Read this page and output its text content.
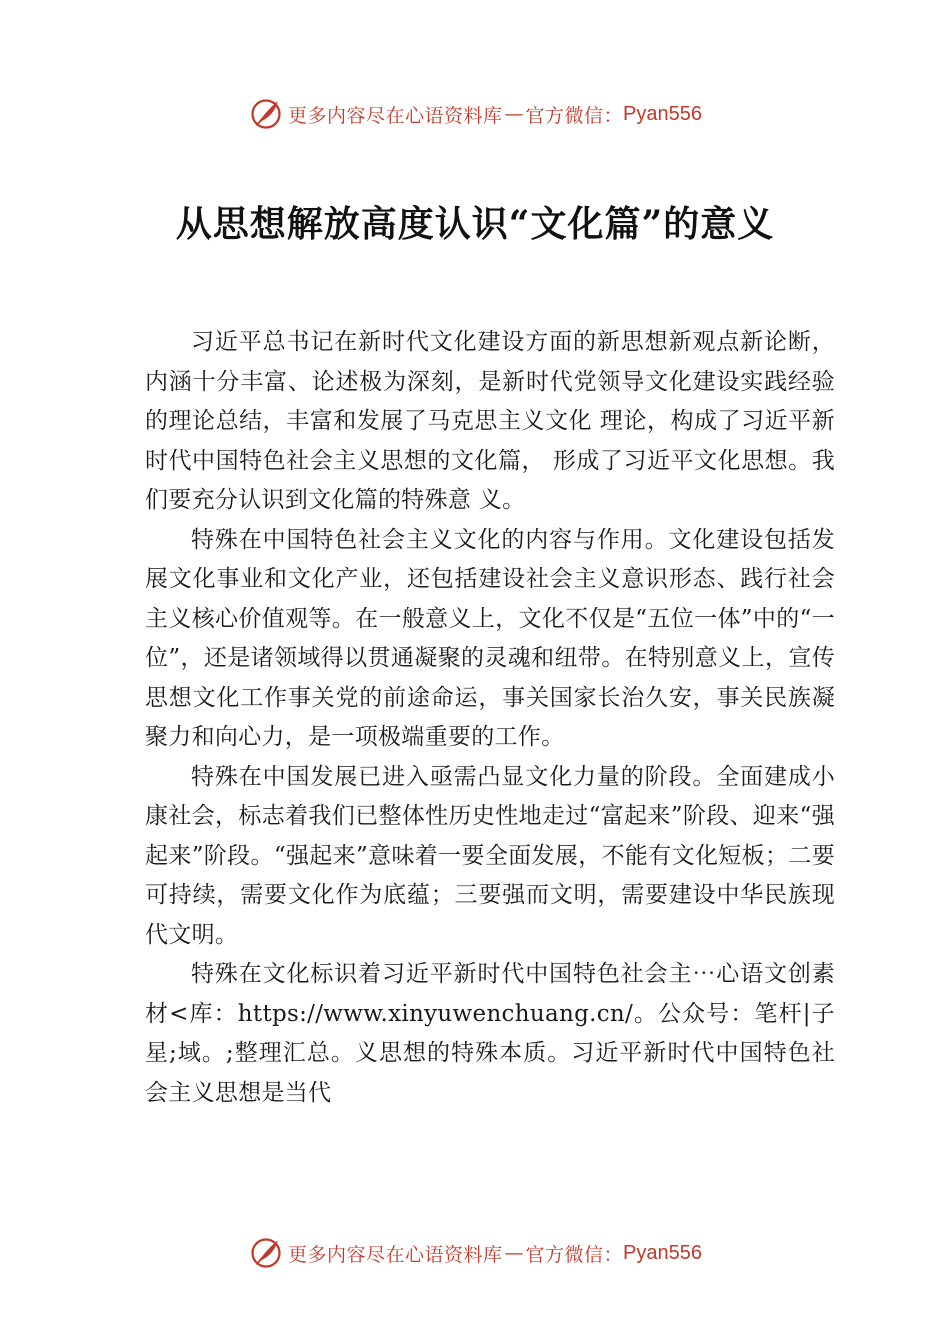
更多内容尽在心语资料库 — 官方微信： Pyan556
从思想解放高度认识“文化篇”的意义

习近平总书记在新时代文化建设方面的新思想新观点新论断，内涵十分丰富、论述极为深刻，是新时代党领导文化建设实践经验的理论总结，丰富和发展了马克思主义文化 理论，构成了习近平新时代中国特色社会主义思想的文化篇， 形成了习近平文化思想。我们要充分认识到文化篇的特殊意 义。

特殊在中国特色社会主义文化的内容与作用。文化建设包括发展文化事业和文化产业，还包括建设社会主义意识形态、践行社会主义核心价值观等。在一般意义上，文化不仅是“五位一体”中的“一位”，还是诸领域得以贯通凝聚的灵魂和纽带。在特别意义上，宣传思想文化工作事关党的前途命运，事关国家长治久安，事关民族凝聚力和向心力，是一项极端重要的工作。

特殊在中国发展已进入亟需凸显文化力量的阶段。全面建成小康社会，标志着我们已整体性历史性地走过“富起来”阶段、迎来“强起来”阶段。“强起来”意味着一要全面发展，不能有文化短板；二要可持续，需要文化作为底蕴；三要强而文明，需要建设中华民族现代文明。

特殊在文化标识着习近平新时代中国特色社会主⋯心语文创素材<库：https://www.xinyuwenchuang.cn/。公众号：笔杆|子星;域。;整理汇总。义思想的特殊本质。习近平新时代中国特色社会主义思想是当代

更多内容尽在心语资料库 — 官方微信： Pyan556
